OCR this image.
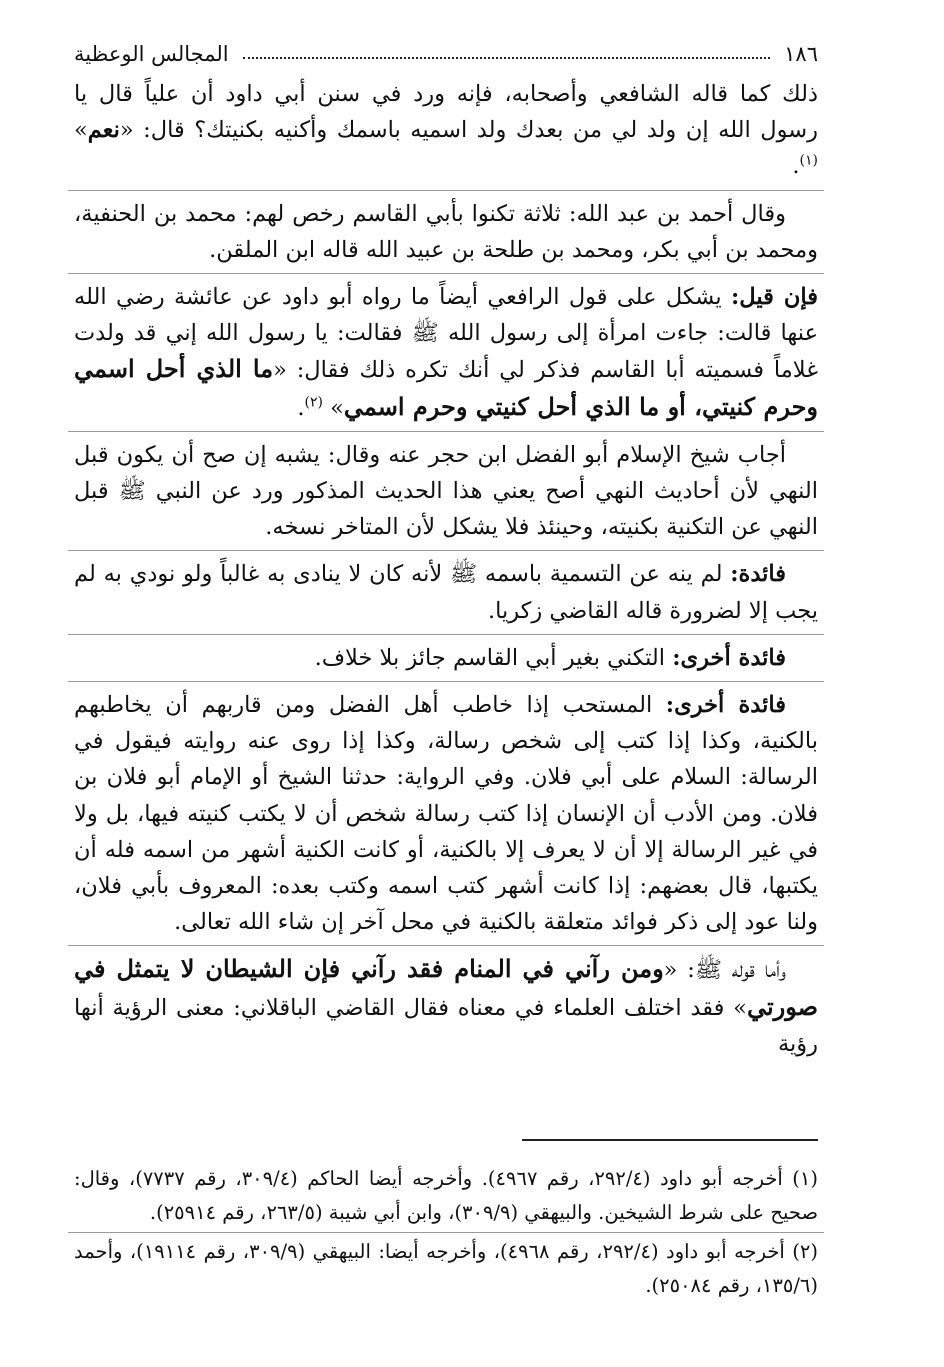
١٨٦
المجالس الوعظية

ذلك كما قاله الشافعي وأصحابه، فإنه ورد في سنن أبي داود أن علياً قال يا رسول الله إن ولد لي من بعدك ولد اسميه باسمك وأكنيه بكنيتك؟ قال: «نعم» $^{(١)}$.

وقال أحمد بن عبد الله: ثلاثة تكنوا بأبي القاسم رخص لهم: محمد بن الحنفية، ومحمد بن أبي بكر، ومحمد بن طلحة بن عبيد الله قاله ابن الملقن.

فإن قيل: يشكل على قول الرافعي أيضاً ما رواه أبو داود عن عائشة رضي الله عنها قالت: جاءت امرأة إلى رسول الله ﷺ فقالت: يا رسول الله إني قد ولدت غلاماً فسميته أبا القاسم فذكر لي أنك تكره ذلك فقال: «ما الذي أحل اسمي وحرم كنيتي، أو ما الذي أحل كنيتي وحرم اسمي» $^{(٢)}$.

أجاب شيخ الإسلام أبو الفضل ابن حجر عنه وقال: يشبه إن صح أن يكون قبل النهي لأن أحاديث النهي أصح يعني هذا الحديث المذكور ورد عن النبي ﷺ قبل النهي عن التكنية بكنيته، وحينئذ فلا يشكل لأن المتاخر نسخه.

فائدة: لم ينه عن التسمية باسمه ﷺ لأنه كان لا ينادى به غالباً ولو نودي به لم يجب إلا لضرورة قاله القاضي زكريا.

فائدة أخرى: التكني بغير أبي القاسم جائز بلا خلاف.

فائدة أخرى: المستحب إذا خاطب أهل الفضل ومن قاربهم أن يخاطبهم بالكنية، وكذا إذا كتب إلى شخص رسالة، وكذا إذا روى عنه روايته فيقول في الرسالة: السلام على أبي فلان. وفي الرواية: حدثنا الشيخ أو الإمام أبو فلان بن فلان. ومن الأدب أن الإنسان إذا كتب رسالة شخص أن لا يكتب كنيته فيها، بل ولا في غير الرسالة إلا أن لا يعرف إلا بالكنية، أو كانت الكنية أشهر من اسمه فله أن يكتبها، قال بعضهم: إذا كانت أشهر كتب اسمه وكتب بعده: المعروف بأبي فلان، ولنا عود إلى ذكر فوائد متعلقة بالكنية في محل آخر إن شاء الله تعالى.

وأما قوله ﷺ: «ومن رآني في المنام فقد رآني فإن الشيطان لا يتمثل في صورتي» فقد اختلف العلماء في معناه فقال القاضي الباقلاني: معنى الرؤية أنها رؤية

(١) أخرجه أبو داود (٢٩٢/٤، رقم ٤٩٦٧). وأخرجه أيضا الحاكم (٣٠٩/٤، رقم ٧٧٣٧)، وقال: صحيح على شرط الشيخين. والبيهقي (٣٠٩/٩)، وابن أبي شيبة (٢٦٣/٥، رقم ٢٥٩١٤).

(٢) أخرجه أبو داود (٢٩٢/٤، رقم ٤٩٦٨)، وأخرجه أيضا: البيهقي (٣٠٩/٩، رقم ١٩١١٤)، وأحمد (١٣٥/٦، رقم ٢٥٠٨٤).
